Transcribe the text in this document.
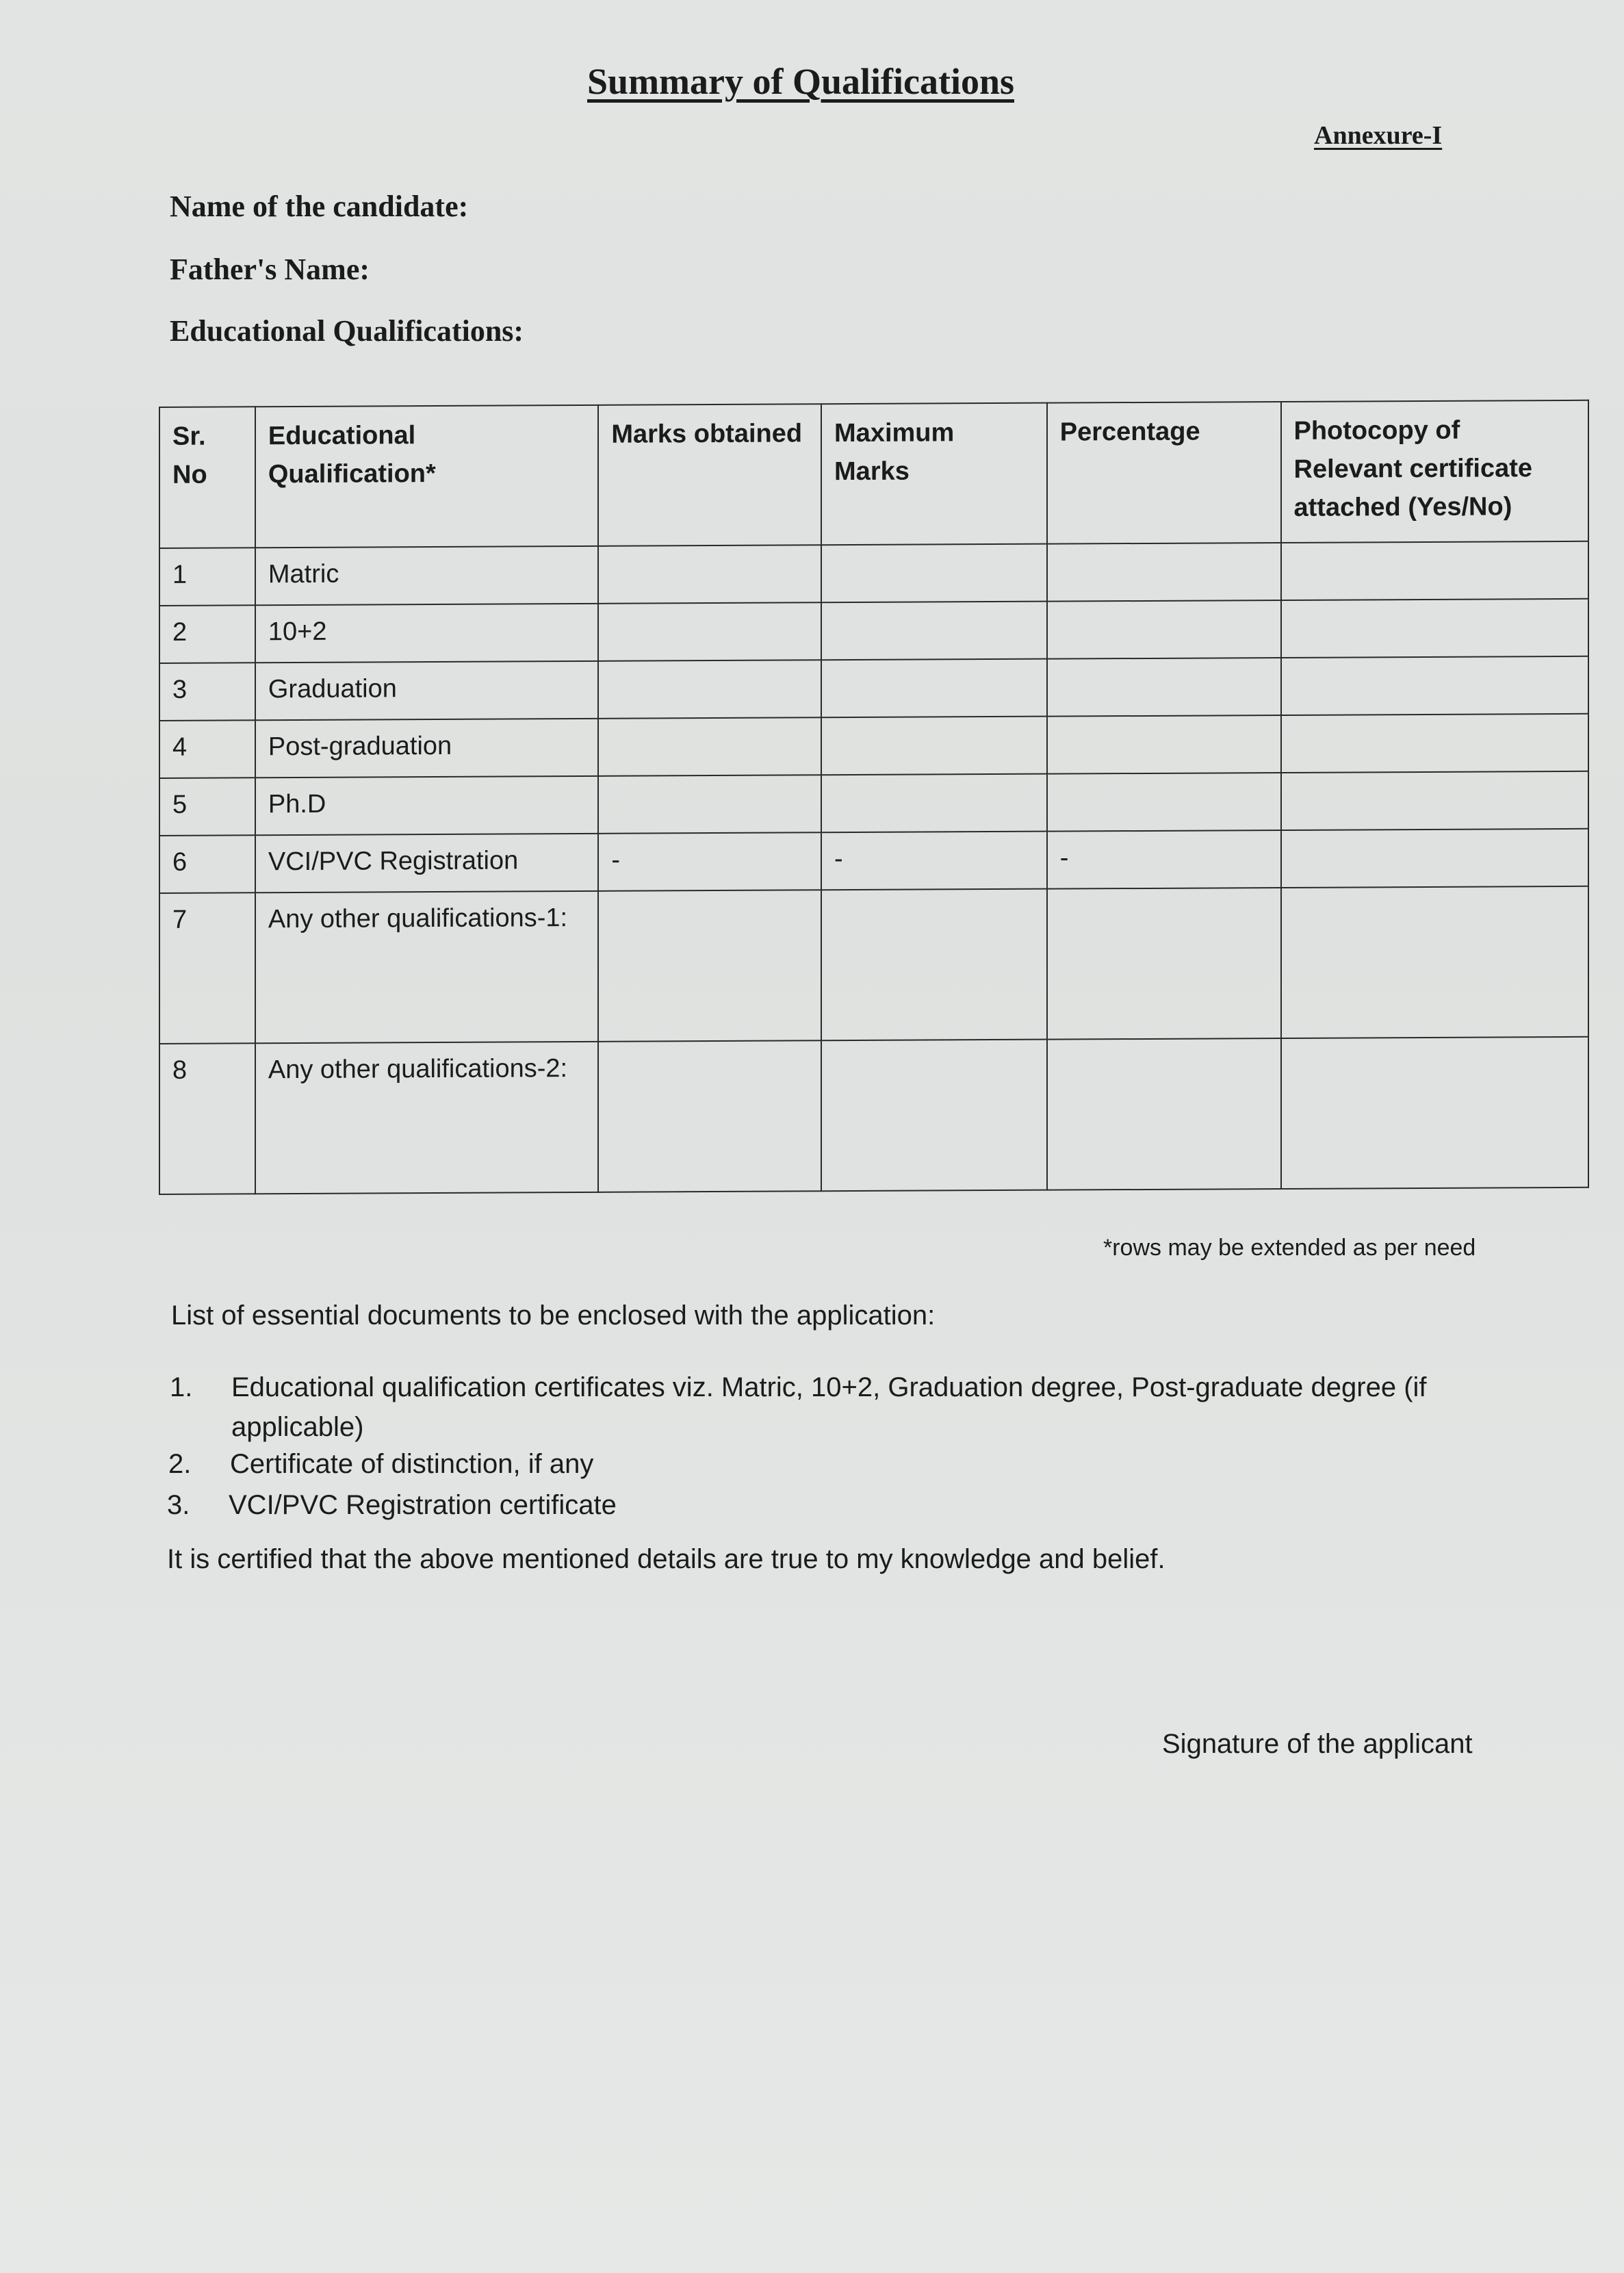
Summary of Qualifications
Annexure-I
Name of the candidate:
Father's Name:
Educational Qualifications:
Sr. No	Educational Qualification*	Marks obtained	Maximum Marks	Percentage	Photocopy of Relevant certificate attached (Yes/No)
1	Matric				
2	10+2				
3	Graduation				
4	Post-graduation				
5	Ph.D				
6	VCI/PVC Registration	-	-	-	
7	Any other qualifications-1:				
8	Any other qualifications-2:				
*rows may be extended as per need
List of essential documents to be enclosed with the application:
1.	Educational qualification certificates viz. Matric, 10+2, Graduation degree, Post-graduate degree (if applicable)
2.	Certificate of distinction, if any
3.	VCI/PVC Registration certificate
It is certified that the above mentioned details are true to my knowledge and belief.
Signature of the applicant
